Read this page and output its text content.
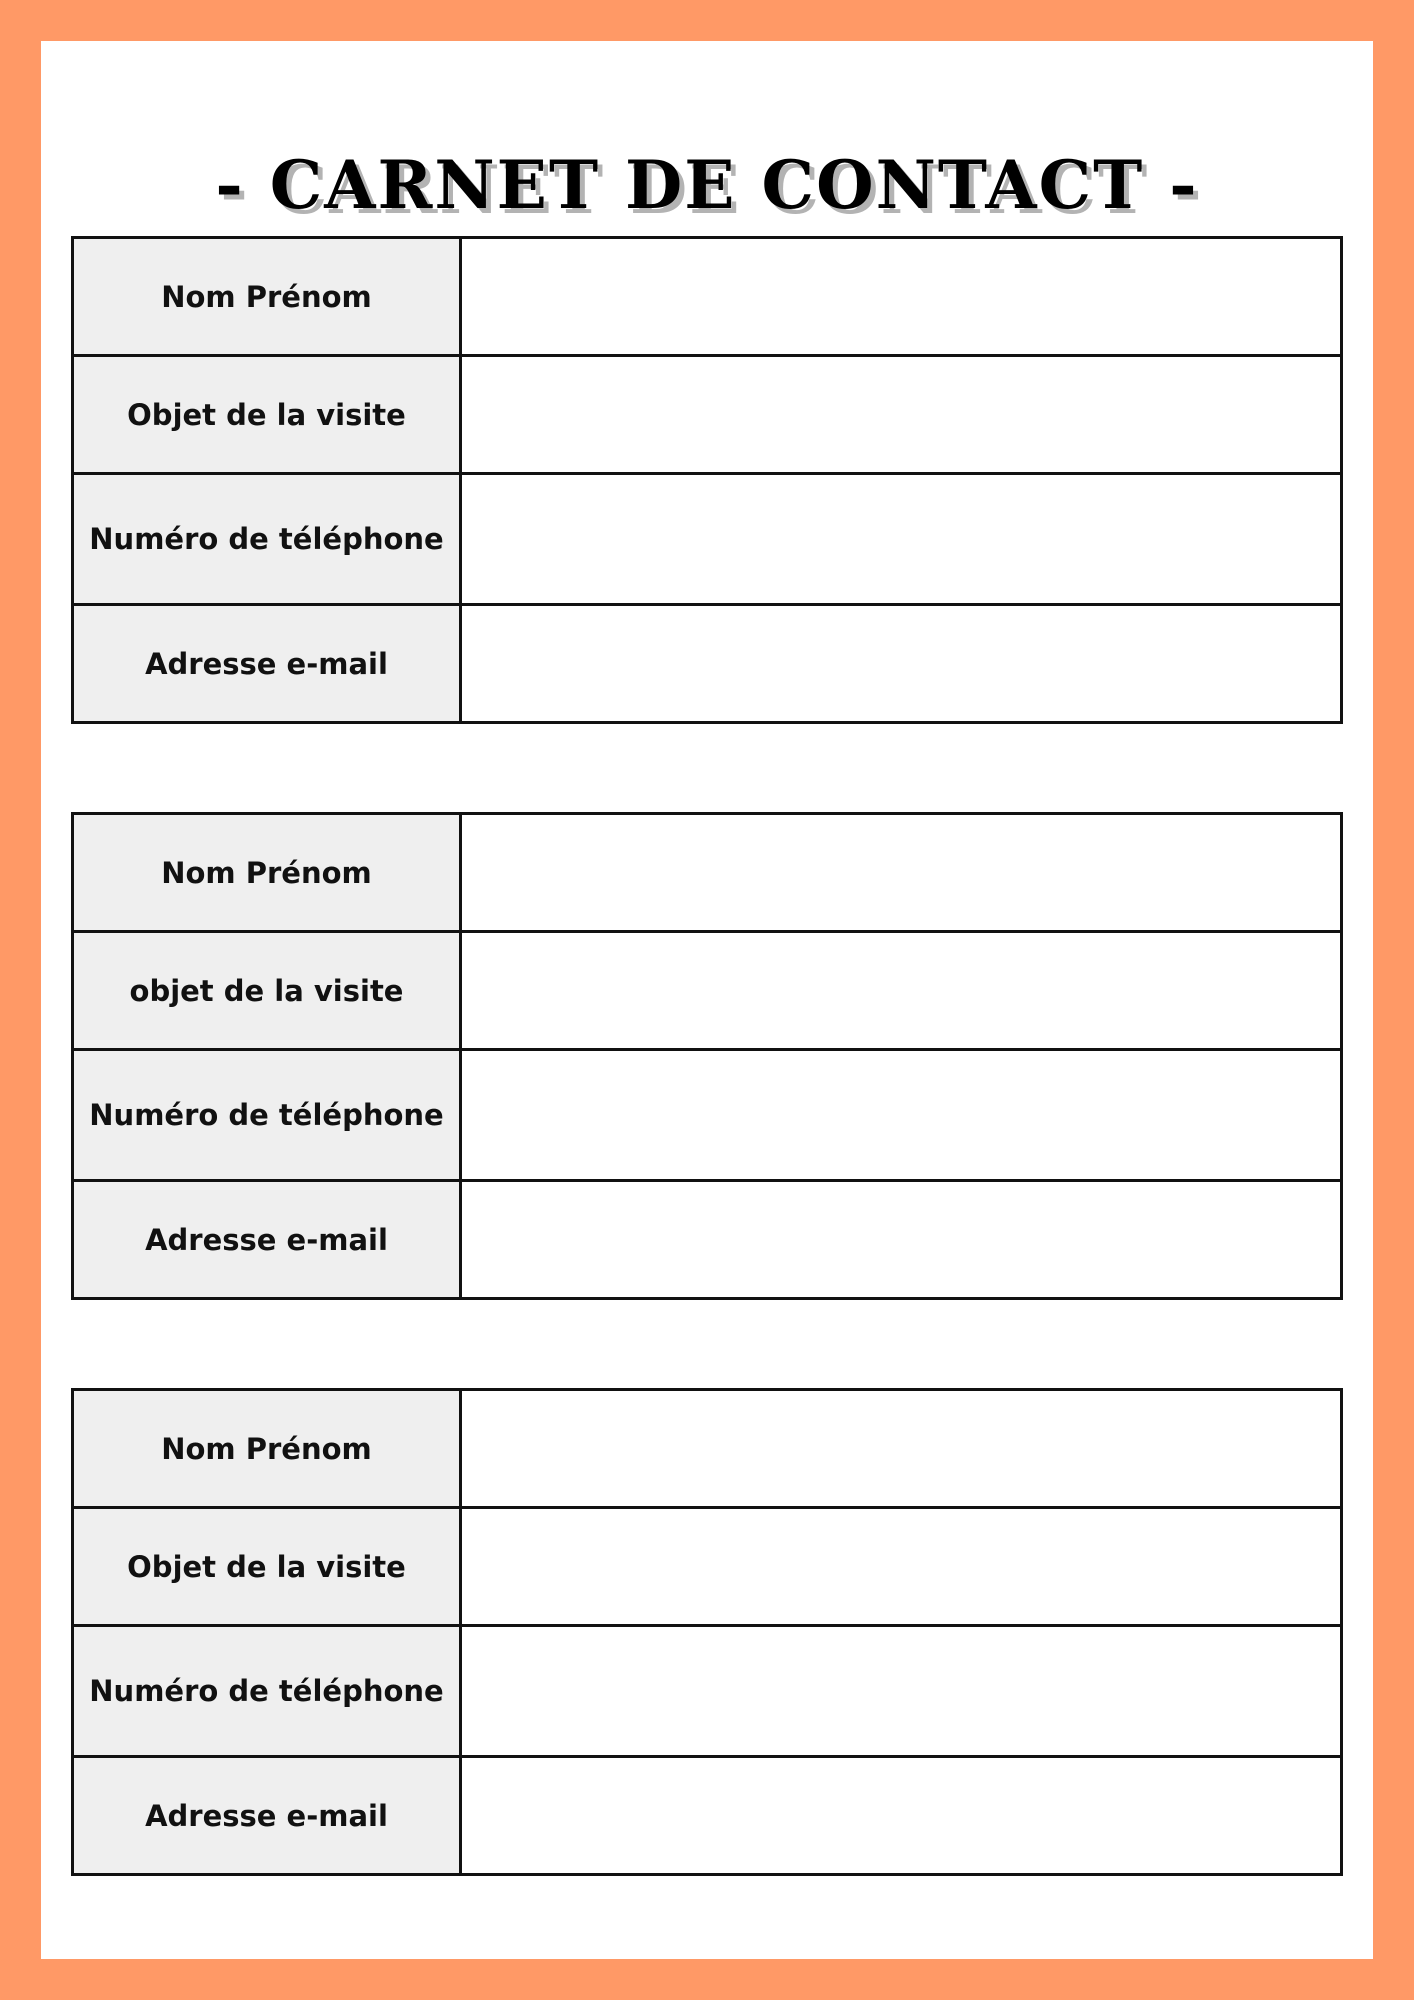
- CARNET DE CONTACT -
Nom Prénom	
Objet de la visite	
Numéro de téléphone	
Adresse e-mail	
Nom Prénom	
objet de la visite	
Numéro de téléphone	
Adresse e-mail	
Nom Prénom	
Objet de la visite	
Numéro de téléphone	
Adresse e-mail	
